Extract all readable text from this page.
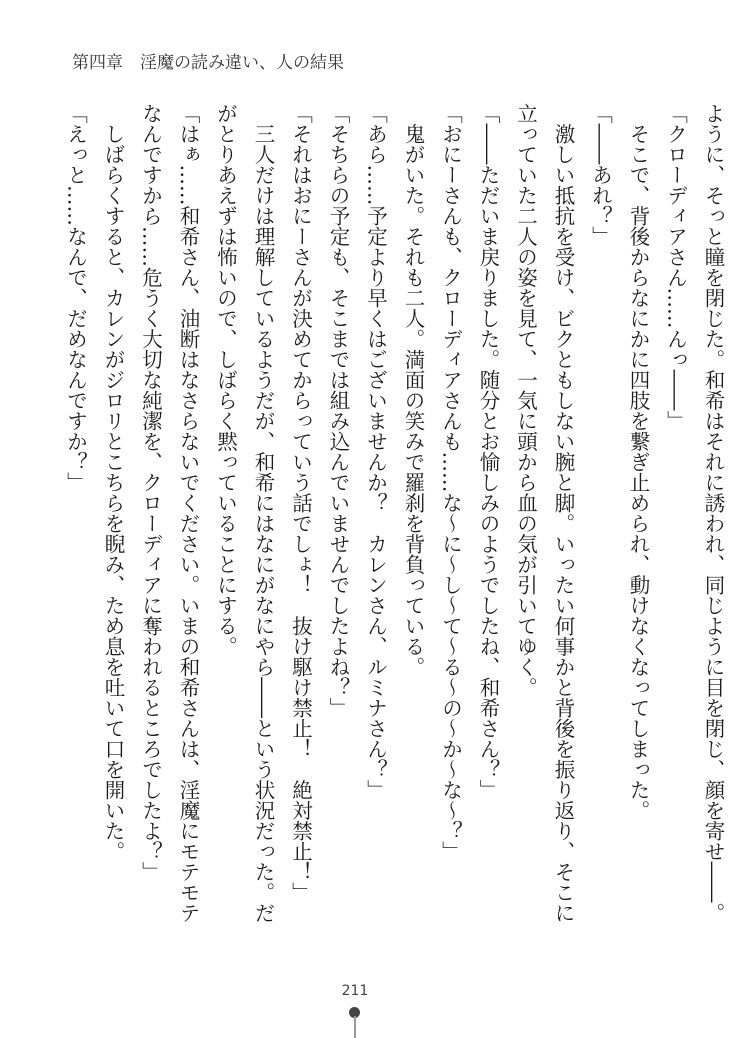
第四章　淫魔の読み違い、人の結果
ように、そっと瞳を閉じた。和希はそれに誘われ、同じように目を閉じ、顔を寄せ――。
「クローディアさん……んっ――」
　そこで、背後からなにかに四肢を繋ぎ止められ、動けなくなってしまった。
「――あれ？」
　激しい抵抗を受け、ビクともしない腕と脚。いったい何事かと背後を振り返り、そこに
立っていた二人の姿を見て、一気に頭から血の気が引いてゆく。
「――ただいま戻りました。随分とお愉しみのようでしたね、和希さん？」
「おにーさんも、クローディアさんも……な～に～し～て～る～の～か～な～？」
　鬼がいた。それも二人。満面の笑みで羅刹を背負っている。
「あら……予定より早くはございませんか？　カレンさん、ルミナさん？」
「そちらの予定も、そこまでは組み込んでいませんでしたよね？」
「それはおにーさんが決めてからっていう話でしょ！　抜け駆け禁止！　絶対禁止！」
　三人だけは理解しているようだが、和希にはなにがなにやら――という状況だった。だ
がとりあえずは怖いので、しばらく黙っていることにする。
「はぁ……和希さん、油断はなさらないでください。いまの和希さんは、淫魔にモテモテ
なんですから……危うく大切な純潔を、クローディアに奪われるところでしたよ？」
　しばらくすると、カレンがジロリとこちらを睨み、ため息を吐いて口を開いた。
「えっと……なんで、だめなんですか？」
211
